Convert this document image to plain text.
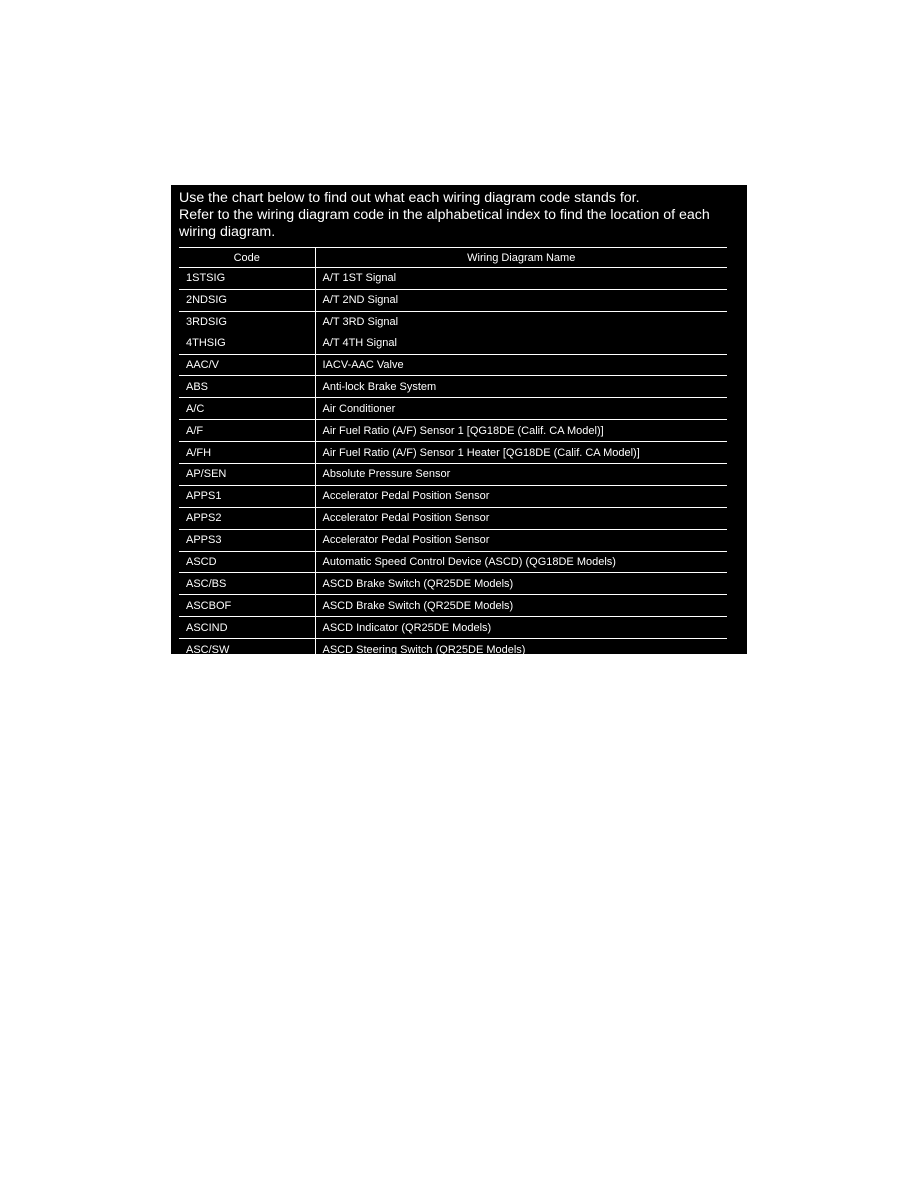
Use the chart below to find out what each wiring diagram code stands for.

Refer to the wiring diagram code in the alphabetical index to find the location of each wiring diagram.

Code	Wiring Diagram Name
1STSIG	A/T 1ST Signal
2NDSIG	A/T 2ND Signal
3RDSIG	A/T 3RD Signal
4THSIG	A/T 4TH Signal
AAC/V	IACV-AAC Valve
ABS	Anti-lock Brake System
A/C	Air Conditioner
A/F	Air Fuel Ratio (A/F) Sensor 1 [QG18DE (Calif. CA Model)]
A/FH	Air Fuel Ratio (A/F) Sensor 1 Heater [QG18DE (Calif. CA Model)]
AP/SEN	Absolute Pressure Sensor
APPS1	Accelerator Pedal Position Sensor
APPS2	Accelerator Pedal Position Sensor
APPS3	Accelerator Pedal Position Sensor
ASCD	Automatic Speed Control Device (ASCD) (QG18DE Models)
ASC/BS	ASCD Brake Switch (QR25DE Models)
ASCBOF	ASCD Brake Switch (QR25DE Models)
ASCIND	ASCD Indicator (QR25DE Models)
ASC/SW	ASCD Steering Switch (QR25DE Models)
